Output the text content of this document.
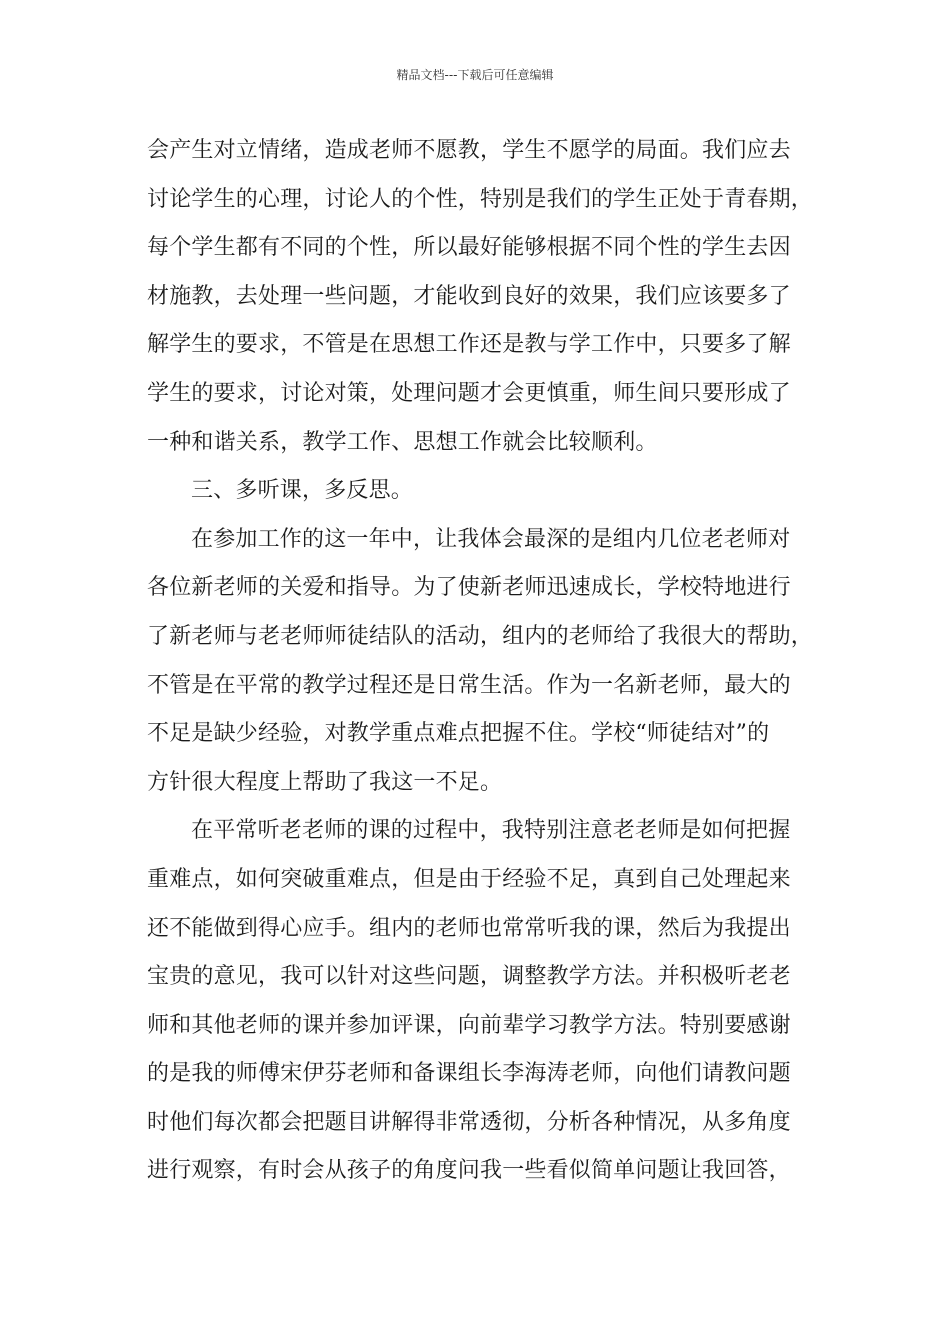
精品文档---下载后可任意编辑

会产生对立情绪，造成老师不愿教，学生不愿学的局面。我们应去
讨论学生的心理，讨论人的个性，特别是我们的学生正处于青春期，
每个学生都有不同的个性，所以最好能够根据不同个性的学生去因
材施教，去处理一些问题，才能收到良好的效果，我们应该要多了
解学生的要求，不管是在思想工作还是教与学工作中，只要多了解
学生的要求，讨论对策，处理问题才会更慎重，师生间只要形成了
一种和谐关系，教学工作、思想工作就会比较顺利。

三、多听课，多反思。

在参加工作的这一年中，让我体会最深的是组内几位老老师对
各位新老师的关爱和指导。为了使新老师迅速成长，学校特地进行
了新老师与老老师师徒结队的活动，组内的老师给了我很大的帮助，
不管是在平常的教学过程还是日常生活。作为一名新老师，最大的
不足是缺少经验，对教学重点难点把握不住。学校“师徒结对”的
方针很大程度上帮助了我这一不足。

在平常听老老师的课的过程中，我特别注意老老师是如何把握
重难点，如何突破重难点，但是由于经验不足，真到自己处理起来
还不能做到得心应手。组内的老师也常常听我的课，然后为我提出
宝贵的意见，我可以针对这些问题，调整教学方法。并积极听老老
师和其他老师的课并参加评课，向前辈学习教学方法。特别要感谢
的是我的师傅宋伊芬老师和备课组长李海涛老师，向他们请教问题
时他们每次都会把题目讲解得非常透彻，分析各种情况，从多角度
进行观察，有时会从孩子的角度问我一些看似简单问题让我回答，
